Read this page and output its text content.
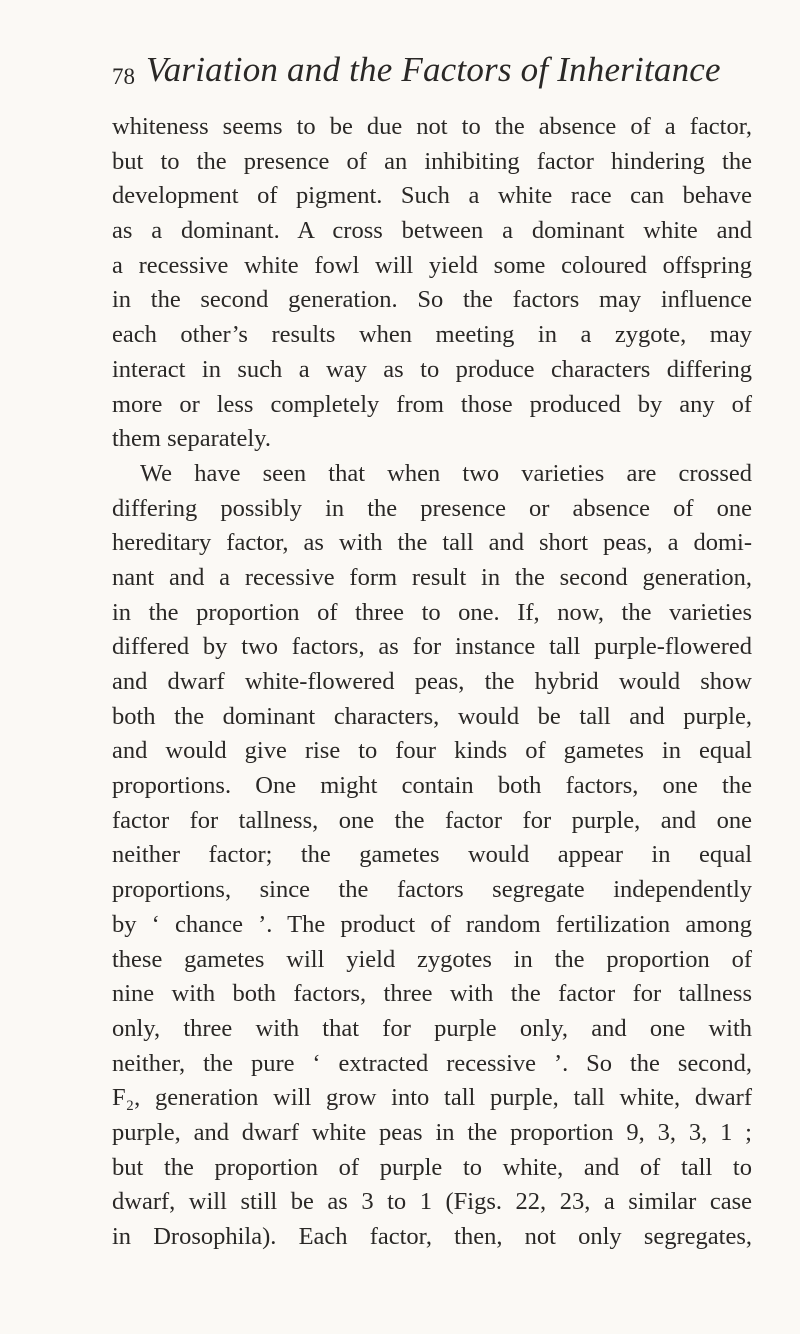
78 Variation and the Factors of Inheritance
whiteness seems to be due not to the absence of a factor,
but to the presence of an inhibiting factor hindering the
development of pigment. Such a white race can behave
as a dominant. A cross between a dominant white and
a recessive white fowl will yield some coloured offspring
in the second generation. So the factors may influence
each other’s results when meeting in a zygote, may
interact in such a way as to produce characters differing
more or less completely from those produced by any of
them separately.
We have seen that when two varieties are crossed
differing possibly in the presence or absence of one
hereditary factor, as with the tall and short peas, a domi-
nant and a recessive form result in the second generation,
in the proportion of three to one. If, now, the varieties
differed by two factors, as for instance tall purple-flowered
and dwarf white-flowered peas, the hybrid would show
both the dominant characters, would be tall and purple,
and would give rise to four kinds of gametes in equal
proportions. One might contain both factors, one the
factor for tallness, one the factor for purple, and one
neither factor; the gametes would appear in equal
proportions, since the factors segregate independently
by ‘ chance ’. The product of random fertilization among
these gametes will yield zygotes in the proportion of
nine with both factors, three with the factor for tallness
only, three with that for purple only, and one with
neither, the pure ‘ extracted recessive ’. So the second,
F₂, generation will grow into tall purple, tall white, dwarf
purple, and dwarf white peas in the proportion 9, 3, 3, 1 ;
but the proportion of purple to white, and of tall to
dwarf, will still be as 3 to 1 (Figs. 22, 23, a similar case
in Drosophila). Each factor, then, not only segregates,
